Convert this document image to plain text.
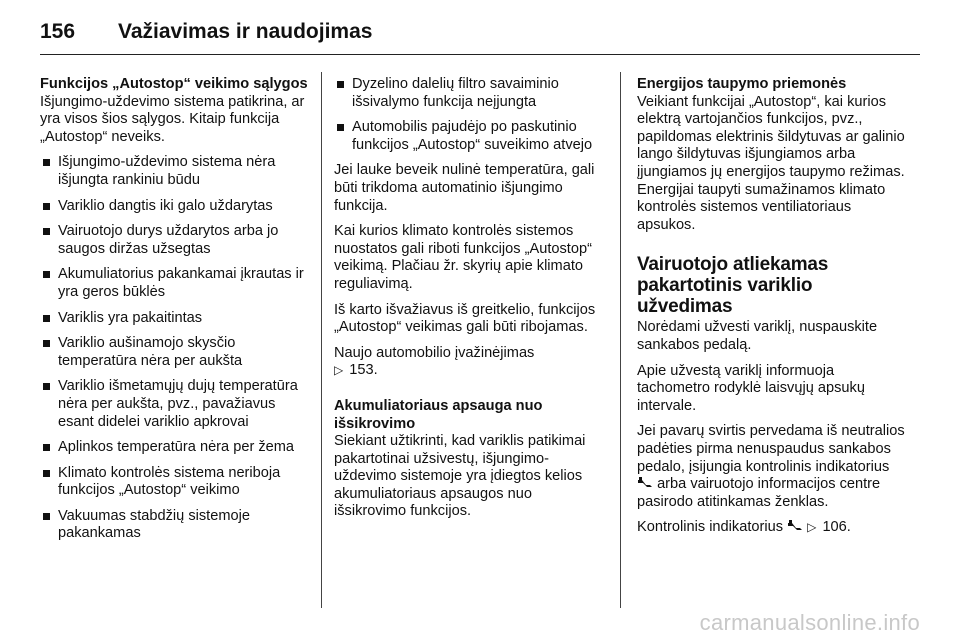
156 Važiavimas ir naudojimas

Funkcijos „Autostop“ veikimo sąlygos

Išjungimo-uždevimo sistema patikrina, ar yra visos šios sąlygos. Kitaip funkcija „Autostop“ neveiks.

Išjungimo-uždevimo sistema nėra išjungta rankiniu būdu
Variklio dangtis iki galo uždarytas
Vairuotojo durys uždarytos arba jo saugos diržas užsegtas
Akumuliatorius pakankamai įkrautas ir yra geros būklės
Variklis yra pakaitintas
Variklio aušinamojo skysčio temperatūra nėra per aukšta
Variklio išmetamųjų dujų temperatūra nėra per aukšta, pvz., pavažiavus esant didelei variklio apkrovai
Aplinkos temperatūra nėra per žema
Klimato kontrolės sistema neriboja funkcijos „Autostop“ veikimo
Vakuumas stabdžių sistemoje pakankamas
Dyzelino dalelių filtro savaiminio išsivalymo funkcija neįjungta
Automobilis pajudėjo po paskutinio funkcijos „Autostop“ suveikimo atvejo

Jei lauke beveik nulinė temperatūra, gali būti trikdoma automatinio išjungimo funkcija.

Kai kurios klimato kontrolės sistemos nuostatos gali riboti funkcijos „Autostop“ veikimą. Plačiau žr. skyrių apie klimato reguliavimą.

Iš karto išvažiavus iš greitkelio, funkcijos „Autostop“ veikimas gali būti ribojamas.

Naujo automobilio įvažinėjimas
▷ 153.

Akumuliatoriaus apsauga nuo išsikrovimo

Siekiant užtikrinti, kad variklis patikimai pakartotinai užsivestų, išjungimo-uždevimo sistemoje yra įdiegtos kelios akumuliatoriaus apsaugos nuo išsikrovimo funkcijos.

Energijos taupymo priemonės

Veikiant funkcijai „Autostop“, kai kurios elektrą vartojančios funkcijos, pvz., papildomas elektrinis šildytuvas ar galinio lango šildytuvas išjungiamos arba įjungiamos jų energijos taupymo režimas. Energijai taupyti sumažinamos klimato kontrolės sistemos ventiliatoriaus apsukos.

Vairuotojo atliekamas pakartotinis variklio užvedimas

Norėdami užvesti variklį, nuspauskite sankabos pedalą.

Apie užvestą variklį informuoja tachometro rodyklė laisvųjų apsukų intervale.

Jei pavarų svirtis pervedama iš neutralios padėties pirma nenuspaudus sankabos pedalo, įsijungia kontrolinis indikatorius  arba vairuotojo informacijos centre pasirodo atitinkamas ženklas.

Kontrolinis indikatorius ▷ 106.

carmanualsonline.info
